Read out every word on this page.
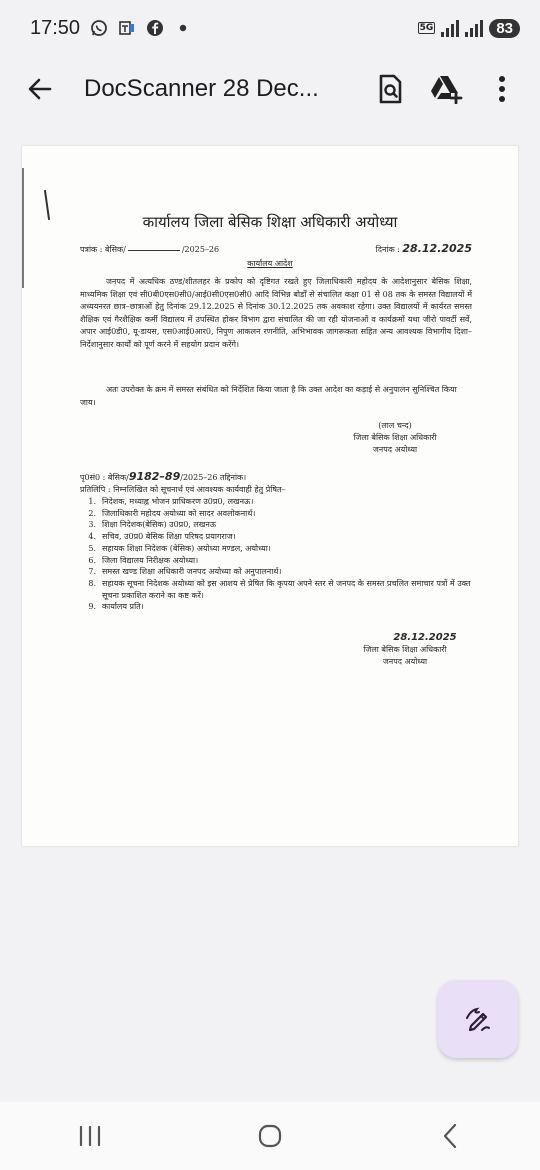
17:50	5G	83
DocScanner 28 Dec...
कार्यालय जिला बेसिक शिक्षा अधिकारी अयोध्या
पत्रांक : बेसिक/	/2025–26	दिनांक : 28.12.2025
कार्यालय आदेश

जनपद में अत्यधिक ठण्ड/शीतलहर के प्रकोप को दृष्टिगत रखते हुए जिलाधिकारी महोदय के आदेशानुसार बेसिक शिक्षा, माध्यमिक शिक्षा एवं सी0बी0एस0सी0/आई0सी0एस0सी0 आदि विभिन्न बोर्डों से संचालित कक्षा 01 से 08 तक के समस्त विद्यालयों में अध्ययनरत छात्र–छात्राओं हेतु दिनांक 29.12.2025 से दिनांक 30.12.2025 तक अवकाश रहेगा। उक्त विद्यालयों में कार्यरत समस्त शैक्षिक एवं गैरशैक्षिक कर्मी विद्यालय में उपस्थित होकर विभाग द्वारा संचालित की जा रही योजनाओं व कार्यक्रमों यथा जीरो पावर्टी सर्वे, अपार आई0डी0, यू-डायस, एस0आई0आर0, निपुण आकलन रणनीति, अभिभावक जागरूकता सहित अन्य आवश्यक विभागीय दिशा–निर्देशानुसार कार्यों को पूर्ण करने में सहयोग प्रदान करेंगे।

अतः उपरोक्त के क्रम में समस्त संबंधित को निर्देशित किया जाता है कि उक्त आदेश का कड़ाई से अनुपालन सुनिश्चित किया जाय।

(लाल चन्द)
जिला बेसिक शिक्षा अधिकारी
जनपद अयोध्या
पृ0सं0 : बेसिक/9182–89/2025–26 तद्दिनांक।
प्रतिलिपि : निम्नलिखित को सूचनार्थ एवं आवश्यक कार्यवाही हेतु प्रेषित–
1. निदेशक, मध्याह्न भोजन प्राधिकरण उ0प्र0, लखनऊ।
2. जिलाधिकारी महोदय अयोध्या को सादर अवलोकनार्थ।
3. शिक्षा निदेशक(बेसिक) उ0प्र0, लखनऊ
4. सचिव, उ0प्र0 बेसिक शिक्षा परिषद प्रयागराज।
5. सहायक शिक्षा निदेशक (बेसिक) अयोध्या मण्डल, अयोध्या।
6. जिला विद्यालय निरीक्षक अयोध्या।
7. समस्त खण्ड शिक्षा अधिकारी जनपद अयोध्या को अनुपालनार्थ।
8. सहायक सूचना निदेशक अयोध्या को इस आशय से प्रेषित कि कृपया अपने स्तर से जनपद के समस्त प्रचलित समाचार पत्रों में उक्त सूचना प्रकाशित कराने का कष्ट करें।
9. कार्यालय प्रति।
28.12.2025
जिला बेसिक शिक्षा अधिकारी
जनपद अयोध्या
